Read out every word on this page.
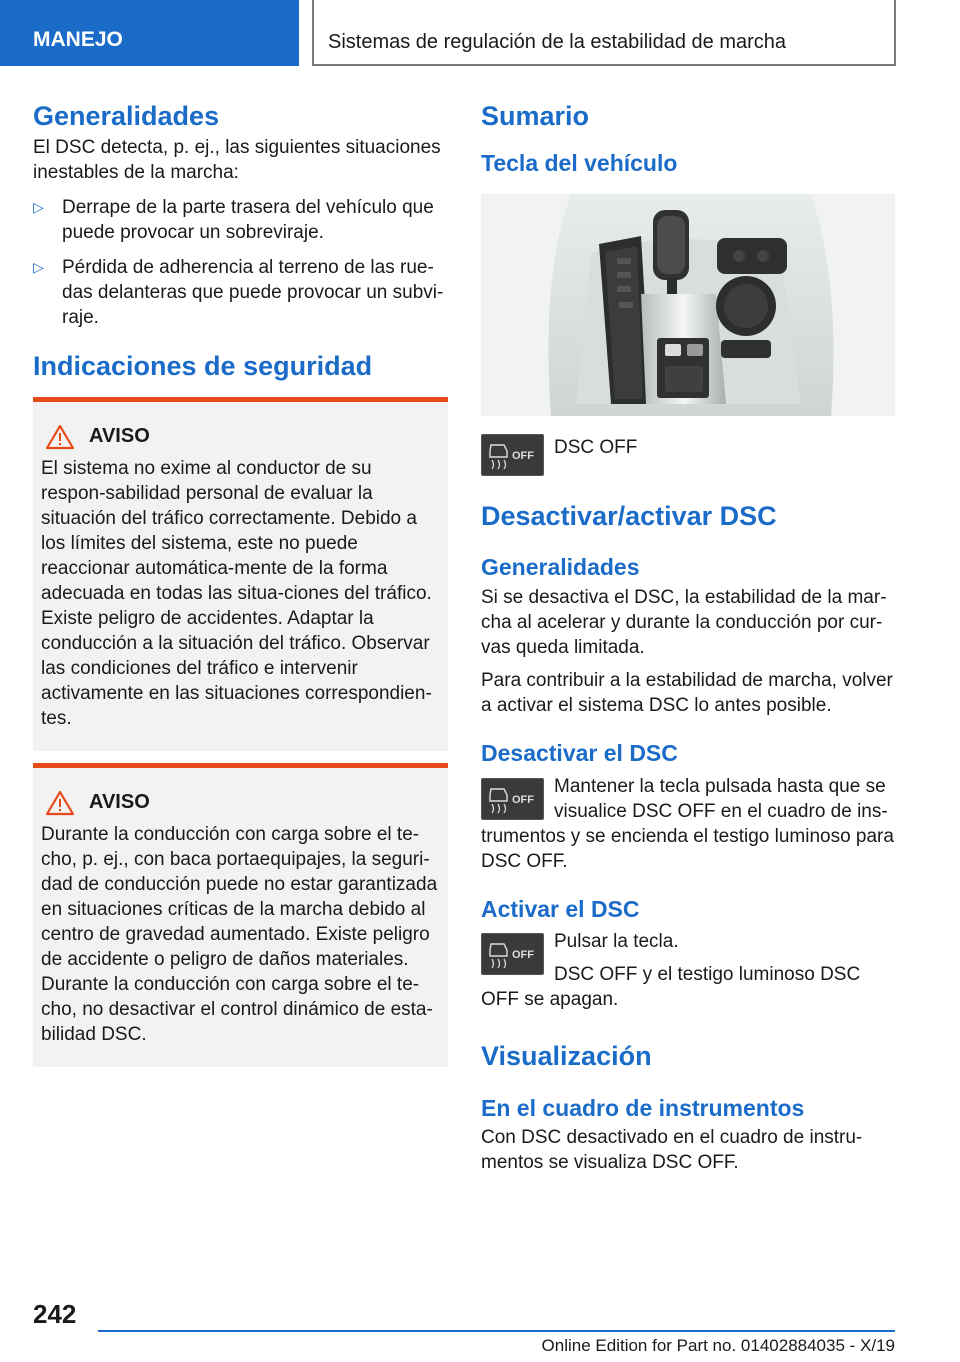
MANEJO	Sistemas de regulación de la estabilidad de marcha
Generalidades

El DSC detecta, p. ej., las siguientes situaciones inestables de la marcha:

▷ Derrape de la parte trasera del vehículo que puede provocar un sobreviraje.
▷ Pérdida de adherencia al terreno de las rue-das delanteras que puede provocar un subvi-raje.
Indicaciones de seguridad
AVISO

El sistema no exime al conductor de su respon-sabilidad personal de evaluar la situación del tráfico correctamente. Debido a los límites del sistema, este no puede reaccionar automática-mente de la forma adecuada en todas las situa-ciones del tráfico. Existe peligro de accidentes. Adaptar la conducción a la situación del tráfico. Observar las condiciones del tráfico e intervenir activamente en las situaciones correspondien-tes.

AVISO

Durante la conducción con carga sobre el te-cho, p. ej., con baca portaequipajes, la seguri-dad de conducción puede no estar garantizada en situaciones críticas de la marcha debido al centro de gravedad aumentado. Existe peligro de accidente o peligro de daños materiales. Durante la conducción con carga sobre el te-cho, no desactivar el control dinámico de esta-bilidad DSC.

Sumario
Tecla del vehículo
OFF	DSC OFF

Desactivar/activar DSC
Generalidades

Si se desactiva el DSC, la estabilidad de la mar-cha al acelerar y durante la conducción por cur-vas queda limitada.

Para contribuir a la estabilidad de marcha, volver a activar el sistema DSC lo antes posible.

Desactivar el DSC
OFF

Mantener la tecla pulsada hasta que se visualice DSC OFF en el cuadro de ins-trumentos y se encienda el testigo luminoso para DSC OFF.

Activar el DSC
OFF

Pulsar la tecla.

DSC OFF y el testigo luminoso DSC OFF se apagan.

Visualización
En el cuadro de instrumentos

Con DSC desactivado en el cuadro de instru-mentos se visualiza DSC OFF.

242
Online Edition for Part no. 01402884035 - X/19
